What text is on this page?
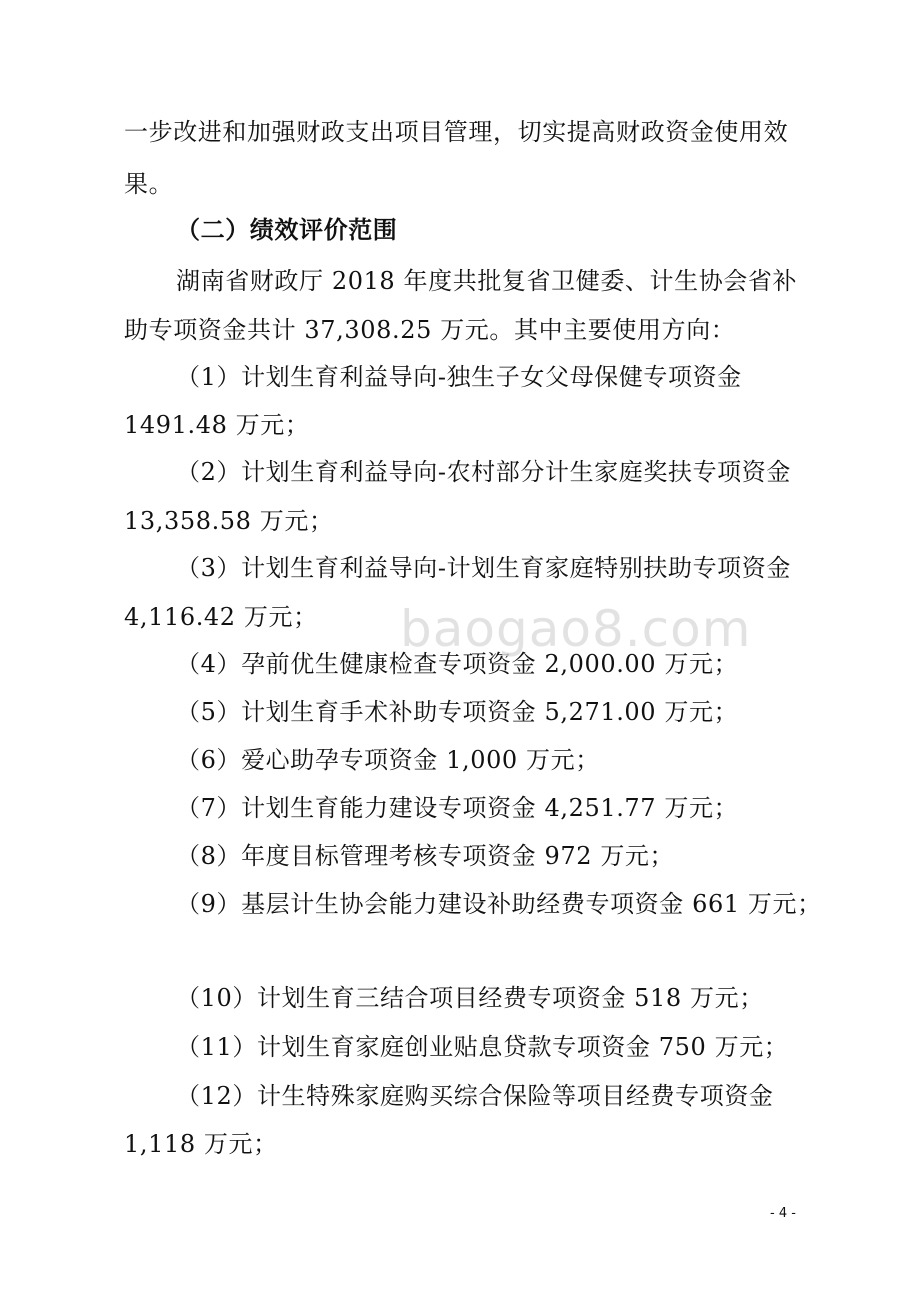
一步改进和加强财政支出项目管理，切实提高财政资金使用效
果。
（二）绩效评价范围
湖南省财政厅 2018 年度共批复省卫健委、计生协会省补
助专项资金共计 37,308.25 万元。其中主要使用方向：
（1）计划生育利益导向-独生子女父母保健专项资金
1491.48 万元；
（2）计划生育利益导向-农村部分计生家庭奖扶专项资金
13,358.58 万元；
（3）计划生育利益导向-计划生育家庭特别扶助专项资金
4,116.42 万元；
（4）孕前优生健康检查专项资金 2,000.00 万元；
（5）计划生育手术补助专项资金 5,271.00 万元；
（6）爱心助孕专项资金 1,000 万元；
（7）计划生育能力建设专项资金 4,251.77 万元；
（8）年度目标管理考核专项资金 972 万元；
（9）基层计生协会能力建设补助经费专项资金 661 万元；
（10）计划生育三结合项目经费专项资金 518 万元；
（11）计划生育家庭创业贴息贷款专项资金 750 万元；
（12）计生特殊家庭购买综合保险等项目经费专项资金
1,118 万元；
baogao8.com
- 4 -
